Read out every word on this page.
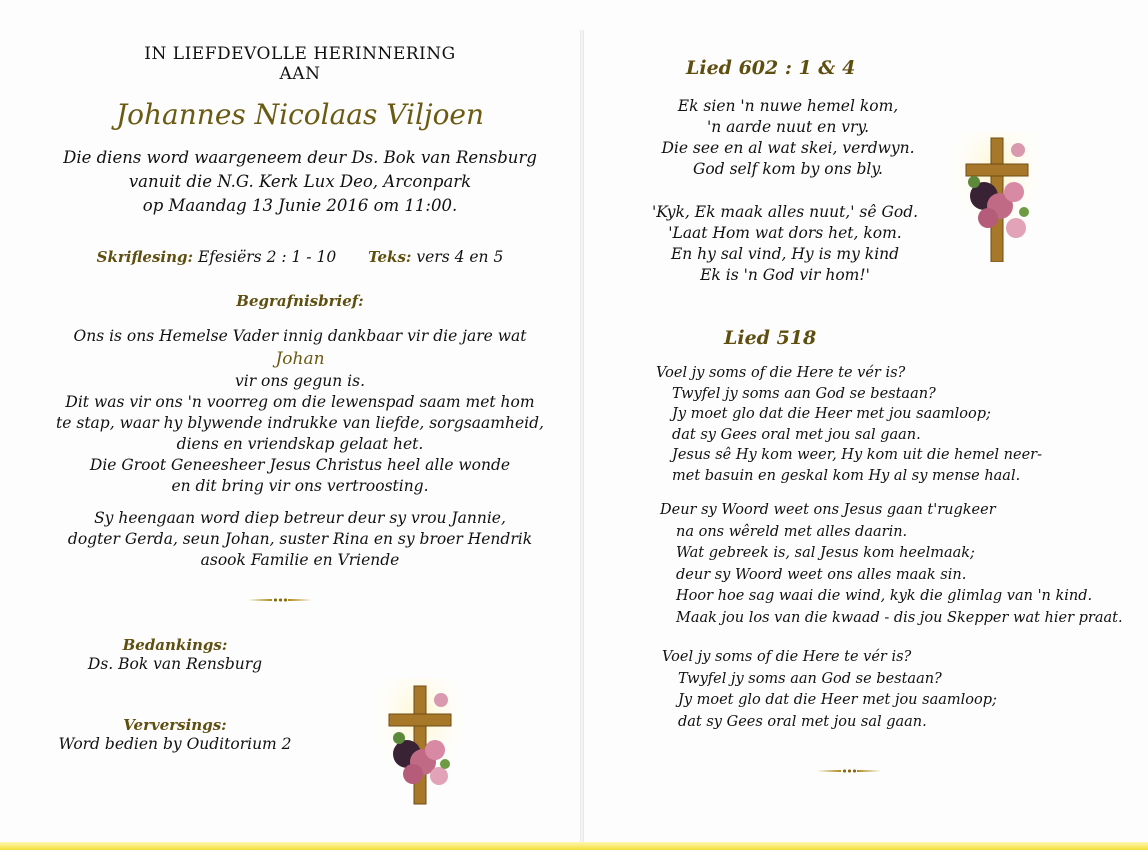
IN LIEFDEVOLLE HERINNERING
AAN
Johannes Nicolaas Viljoen
Die diens word waargeneem deur Ds. Bok van Rensburg
vanuit die N.G. Kerk Lux Deo, Arconpark
op Maandag 13 Junie 2016 om 11:00.
Skriflesing: Efesiërs 2 : 1 - 10 Teks: vers 4 en 5
Begrafnisbrief:
Ons is ons Hemelse Vader innig dankbaar vir die jare wat
Johan
vir ons gegun is.
Dit was vir ons 'n voorreg om die lewenspad saam met hom
te stap, waar hy blywende indrukke van liefde, sorgsaamheid,
diens en vriendskap gelaat het.
Die Groot Geneesheer Jesus Christus heel alle wonde
en dit bring vir ons vertroosting.
Sy heengaan word diep betreur deur sy vrou Jannie,
dogter Gerda, seun Johan, suster Rina en sy broer Hendrik
asook Familie en Vriende
Bedankings:
Ds. Bok van Rensburg
Verversings:
Word bedien by Ouditorium 2
Lied 602 : 1 & 4
Ek sien 'n nuwe hemel kom,
'n aarde nuut en vry.
Die see en al wat skei, verdwyn.
God self kom by ons bly.
'Kyk, Ek maak alles nuut,' sê God.
'Laat Hom wat dors het, kom.
En hy sal vind, Hy is my kind
Ek is 'n God vir hom!'
Lied 518
Voel jy soms of die Here te vér is?
Twyfel jy soms aan God se bestaan?
Jy moet glo dat die Heer met jou saamloop;
dat sy Gees oral met jou sal gaan.
Jesus sê Hy kom weer, Hy kom uit die hemel neer-
met basuin en geskal kom Hy al sy mense haal.
Deur sy Woord weet ons Jesus gaan t'rugkeer
na ons wêreld met alles daarin.
Wat gebreek is, sal Jesus kom heelmaak;
deur sy Woord weet ons alles maak sin.
Hoor hoe sag waai die wind, kyk die glimlag van 'n kind.
Maak jou los van die kwaad - dis jou Skepper wat hier praat.
Voel jy soms of die Here te vér is?
Twyfel jy soms aan God se bestaan?
Jy moet glo dat die Heer met jou saamloop;
dat sy Gees oral met jou sal gaan.
